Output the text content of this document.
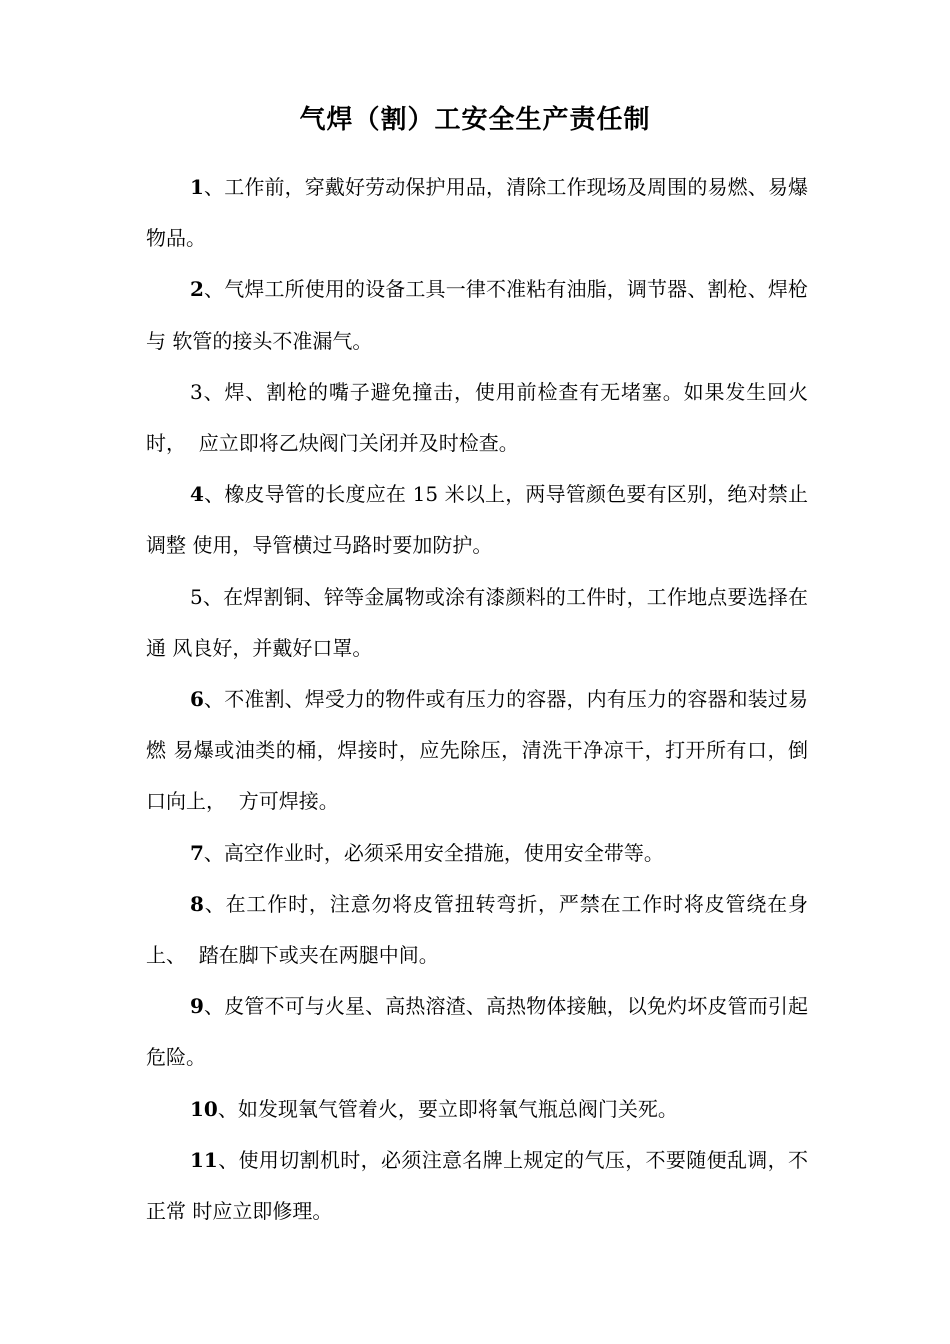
气焊（割）工安全生产责任制

1、工作前，穿戴好劳动保护用品，清除工作现场及周围的易燃、易爆物品。

2、气焊工所使用的设备工具一律不准粘有油脂，调节器、割枪、焊枪与 软管的接头不准漏气。

3、焊、割枪的嘴子避免撞击，使用前检查有无堵塞。如果发生回火时，  应立即将乙炔阀门关闭并及时检查。

4、橡皮导管的长度应在 15 米以上，两导管颜色要有区别，绝对禁止调整 使用，导管横过马路时要加防护。

5、在焊割铜、锌等金属物或涂有漆颜料的工件时，工作地点要选择在通 风良好，并戴好口罩。

6、不准割、焊受力的物件或有压力的容器，内有压力的容器和装过易燃 易爆或油类的桶，焊接时，应先除压，清洗干净凉干，打开所有口，倒口向上，  方可焊接。

7、高空作业时，必须采用安全措施，使用安全带等。

8、在工作时，注意勿将皮管扭转弯折，严禁在工作时将皮管绕在身上、  踏在脚下或夹在两腿中间。

9、皮管不可与火星、高热溶渣、高热物体接触，以免灼坏皮管而引起危险。

10、如发现氧气管着火，要立即将氧气瓶总阀门关死。

11、使用切割机时，必须注意名牌上规定的气压，不要随便乱调，不正常 时应立即修理。
